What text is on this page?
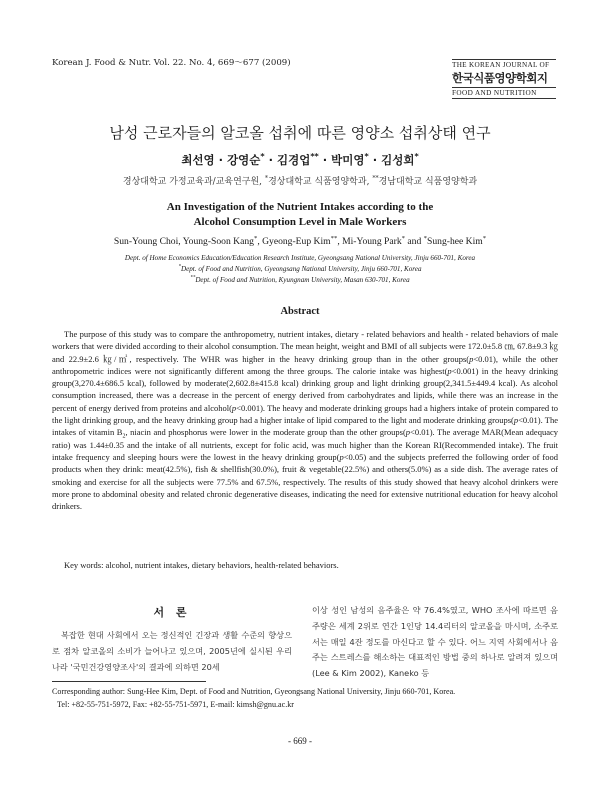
Korean J. Food & Nutr. Vol. 22. No. 4, 669～677 (2009)	THE KOREAN JOURNAL OF
한국식품영양학회지
FOOD AND NUTRITION
남성 근로자들의 알코올 섭취에 따른 영양소 섭취상태 연구
최선영 · 강영순* · 김경업** · 박미영* · 김성희*
경상대학교 가정교육과/교육연구원, *경상대학교 식품영양학과, **경남대학교 식품영양학과
An Investigation of the Nutrient Intakes according to the
Alcohol Consumption Level in Male Workers
Sun-Young Choi, Young-Soon Kang*, Gyeong-Eup Kim**, Mi-Young Park* and *Sung-hee Kim*
Dept. of Home Economics Education/Education Research Institute, Gyeongsang National University, Jinju 660-701, Korea
*Dept. of Food and Nutrition, Gyeongsang National University, Jinju 660-701, Korea
**Dept. of Food and Nutrition, Kyungnam University, Masan 630-701, Korea
Abstract
The purpose of this study was to compare the anthropometry, nutrient intakes, dietary - related behaviors and health - related behaviors of male workers that were divided according to their alcohol consumption. The mean height, weight and BMI of all subjects were 172.0±5.8 ㎝, 67.8±9.3 ㎏ and 22.9±2.6 ㎏/㎡, respectively. The WHR was higher in the heavy drinking group than in the other groups(p<0.01), while the other anthropometric indices were not significantly different among the three groups. The calorie intake was highest(p<0.001) in the heavy drinking group(3,270.4±686.5 kcal), followed by moderate(2,602.8±415.8 kcal) drinking group and light drinking group(2,341.5±449.4 kcal). As alcohol consumption increased, there was a decrease in the percent of energy derived from carbohydrates and lipids, while there was an increase in the percent of energy derived from proteins and alcohol(p<0.001). The heavy and moderate drinking groups had a highers intake of protein compared to the light drinking group, and the heavy drinking group had a higher intake of lipid compared to the light and moderate drinking groups(p<0.01). The intakes of vitamin $B_2$, niacin and phosphorus were lower in the moderate group than the other groups(p<0.01). The average MAR(Mean adequacy ratio) was 1.44±0.35 and the intake of all nutrients, except for folic acid, was much higher than the Korean RI(Recommended intake). The fruit intake frequency and sleeping hours were the lowest in the heavy drinking group(p<0.05) and the subjects preferred the following order of food products when they drink: meat(42.5%), fish & shellfish(30.0%), fruit & vegetable(22.5%) and others(5.0%) as a side dish. The average rates of smoking and exercise for all the subjects were 77.5% and 67.5%, respectively. The results of this study showed that heavy alcohol drinkers were more prone to abdominal obesity and related chronic degenerative diseases, indicating the need for extensive nutritional education for heavy alcohol drinkers.
Key words: alcohol, nutrient intakes, dietary behaviors, health-related behaviors.
서 론
복잡한 현대 사회에서 오는 정신적인 긴장과 생활 수준의 향상으로 점차 알코올의 소비가 늘어나고 있으며, 2005년에 실시된 우리나라 '국민건강영양조사'의 결과에 의하면 20세
이상 성인 남성의 음주율은 약 76.4%였고, WHO 조사에 따르면 음주량은 세계 2위로 연간 1인당 14.4리터의 알코올을 마시며, 소주로서는 매일 4잔 정도를 마신다고 할 수 있다. 어느 지역 사회에서나 음주는 스트레스를 해소하는 대표적인 방법 중의 하나로 알려져 있으며(Lee & Kim 2002), Kaneko 등
Corresponding author: Sung-Hee Kim, Dept. of Food and Nutrition, Gyeongsang National University, Jinju 660-701, Korea.
Tel: +82-55-751-5972, Fax: +82-55-751-5971, E-mail: kimsh@gnu.ac.kr
- 669 -
